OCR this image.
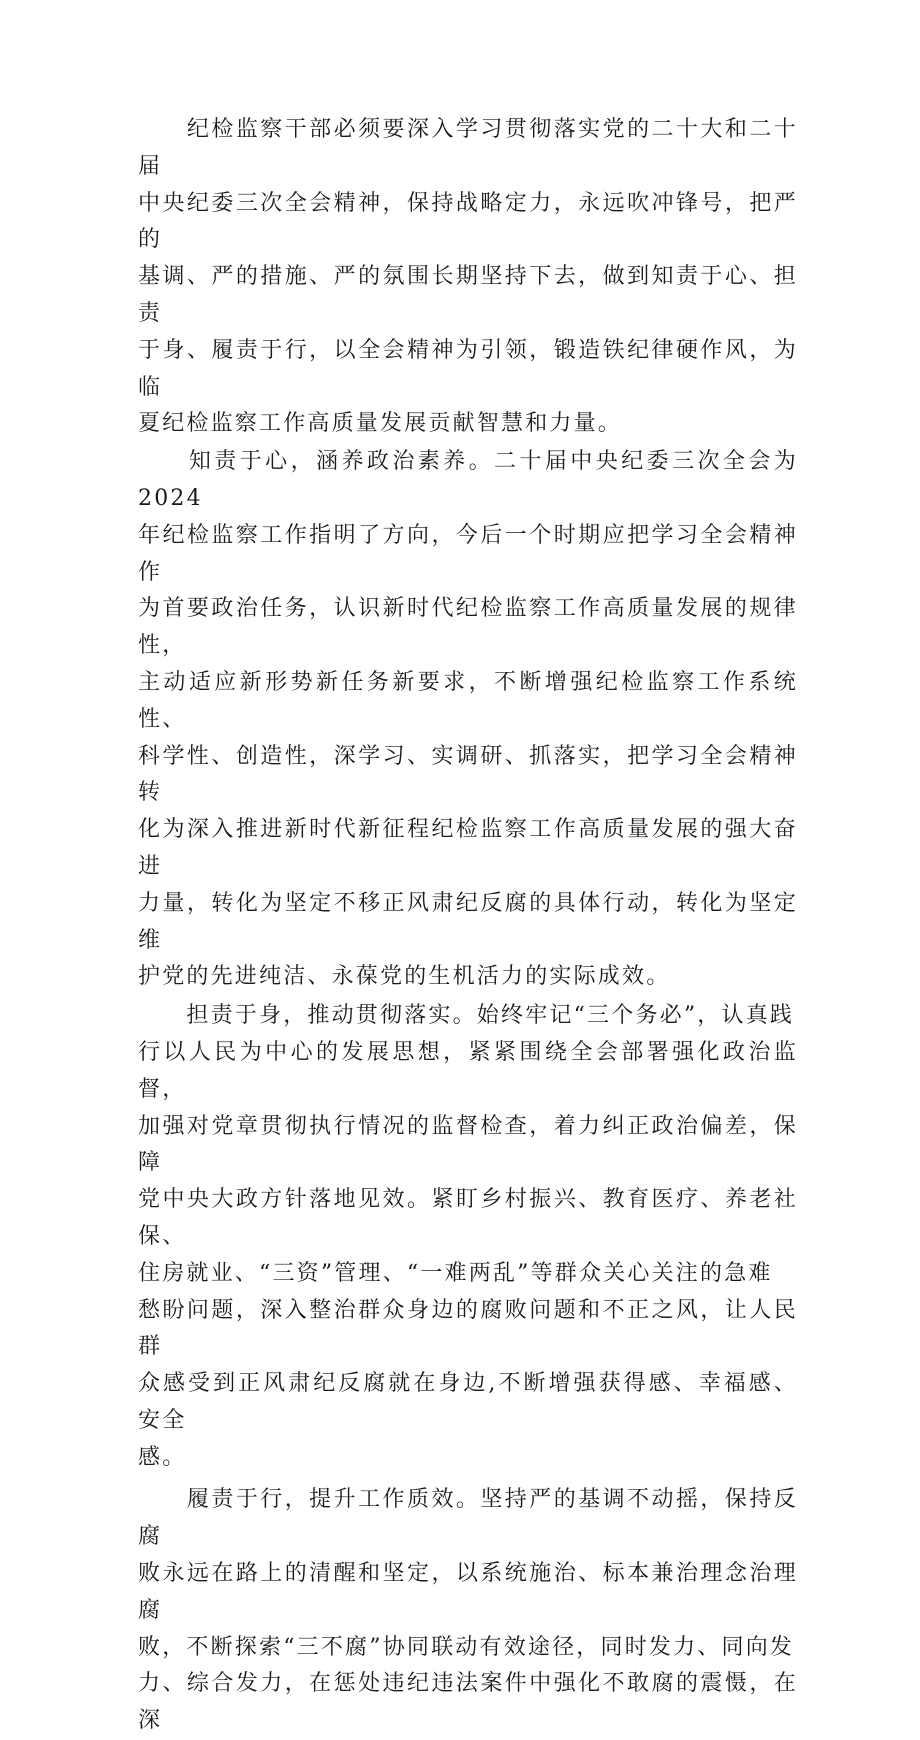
　　纪检监察干部必须要深入学习贯彻落实党的二十大和二十届
中央纪委三次全会精神，保持战略定力，永远吹冲锋号，把严的
基调、严的措施、严的氛围长期坚持下去，做到知责于心、担责
于身、履责于行，以全会精神为引领，锻造铁纪律硬作风，为临
夏纪检监察工作高质量发展贡献智慧和力量。
　　知责于心，涵养政治素养。二十届中央纪委三次全会为2024
年纪检监察工作指明了方向，今后一个时期应把学习全会精神作
为首要政治任务，认识新时代纪检监察工作高质量发展的规律性，
主动适应新形势新任务新要求，不断增强纪检监察工作系统性、
科学性、创造性，深学习、实调研、抓落实，把学习全会精神转
化为深入推进新时代新征程纪检监察工作高质量发展的强大奋进
力量，转化为坚定不移正风肃纪反腐的具体行动，转化为坚定维
护党的先进纯洁、永葆党的生机活力的实际成效。
　　担责于身，推动贯彻落实。始终牢记“三个务必”，认真践
行以人民为中心的发展思想，紧紧围绕全会部署强化政治监督，
加强对党章贯彻执行情况的监督检查，着力纠正政治偏差，保障
党中央大政方针落地见效。紧盯乡村振兴、教育医疗、养老社保、
住房就业、“三资”管理、“一难两乱”等群众关心关注的急难
愁盼问题，深入整治群众身边的腐败问题和不正之风，让人民群
众感受到正风肃纪反腐就在身边,不断增强获得感、幸福感、安全
感。
　　履责于行，提升工作质效。坚持严的基调不动摇，保持反腐
败永远在路上的清醒和坚定，以系统施治、标本兼治理念治理腐
败，不断探索“三不腐”协同联动有效途径，同时发力、同向发
力、综合发力，在惩处违纪违法案件中强化不敢腐的震慑，在深
